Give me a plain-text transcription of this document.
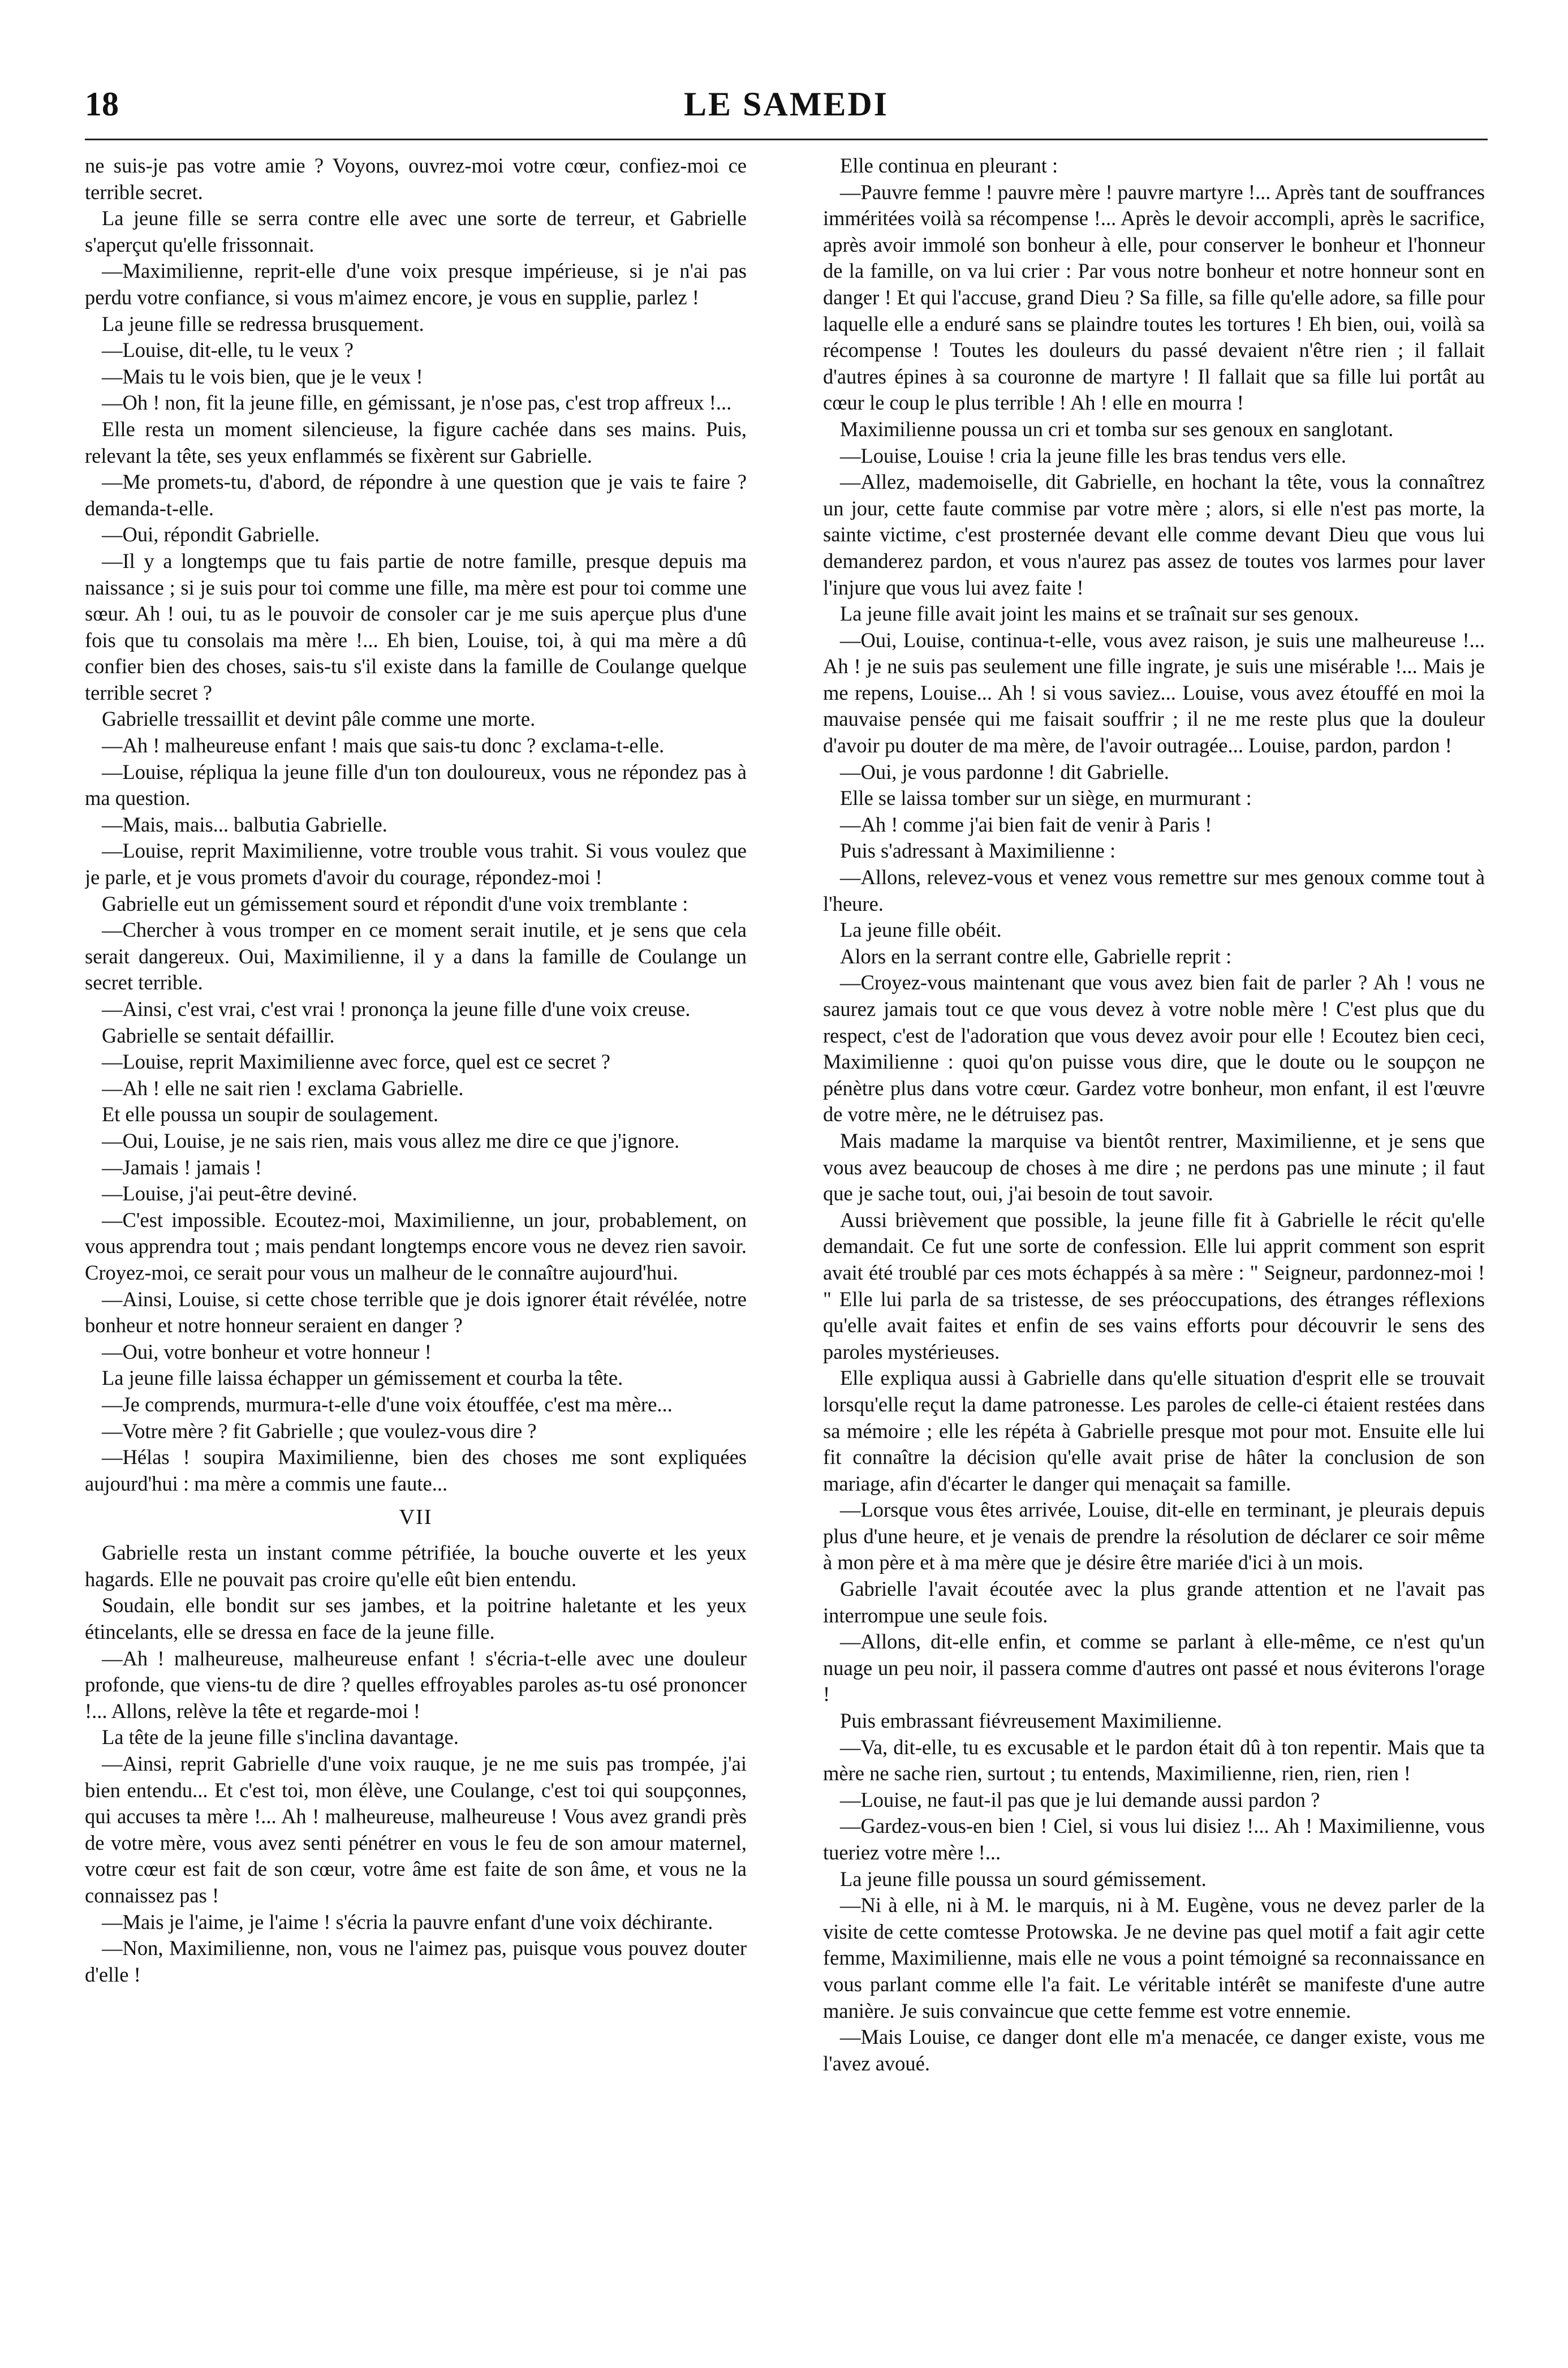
18	LE SAMEDI

ne suis-je pas votre amie ? Voyons, ouvrez-moi votre cœur, confiez-moi ce terrible secret.

La jeune fille se serra contre elle avec une sorte de terreur, et Gabrielle s'aperçut qu'elle frissonnait.

—Maximilienne, reprit-elle d'une voix presque impérieuse, si je n'ai pas perdu votre confiance, si vous m'aimez encore, je vous en supplie, parlez !

La jeune fille se redressa brusquement.

—Louise, dit-elle, tu le veux ?

—Mais tu le vois bien, que je le veux !

—Oh ! non, fit la jeune fille, en gémissant, je n'ose pas, c'est trop affreux !...

Elle resta un moment silencieuse, la figure cachée dans ses mains. Puis, relevant la tête, ses yeux enflammés se fixèrent sur Gabrielle.

—Me promets-tu, d'abord, de répondre à une question que je vais te faire ? demanda-t-elle.

—Oui, répondit Gabrielle.

—Il y a longtemps que tu fais partie de notre famille, presque depuis ma naissance ; si je suis pour toi comme une fille, ma mère est pour toi comme une sœur. Ah ! oui, tu as le pouvoir de consoler car je me suis aperçue plus d'une fois que tu consolais ma mère !... Eh bien, Louise, toi, à qui ma mère a dû confier bien des choses, sais-tu s'il existe dans la famille de Coulange quelque terrible secret ?

Gabrielle tressaillit et devint pâle comme une morte.

—Ah ! malheureuse enfant ! mais que sais-tu donc ? exclama-t-elle.

—Louise, répliqua la jeune fille d'un ton douloureux, vous ne répondez pas à ma question.

—Mais, mais... balbutia Gabrielle.

—Louise, reprit Maximilienne, votre trouble vous trahit. Si vous voulez que je parle, et je vous promets d'avoir du courage, répondez-moi !

Gabrielle eut un gémissement sourd et répondit d'une voix tremblante :

—Chercher à vous tromper en ce moment serait inutile, et je sens que cela serait dangereux. Oui, Maximilienne, il y a dans la famille de Coulange un secret terrible.

—Ainsi, c'est vrai, c'est vrai ! prononça la jeune fille d'une voix creuse.

Gabrielle se sentait défaillir.

—Louise, reprit Maximilienne avec force, quel est ce secret ?

—Ah ! elle ne sait rien ! exclama Gabrielle.

Et elle poussa un soupir de soulagement.

—Oui, Louise, je ne sais rien, mais vous allez me dire ce que j'ignore.

—Jamais ! jamais !

—Louise, j'ai peut-être deviné.

—C'est impossible. Ecoutez-moi, Maximilienne, un jour, probablement, on vous apprendra tout ; mais pendant longtemps encore vous ne devez rien savoir. Croyez-moi, ce serait pour vous un malheur de le connaître aujourd'hui.

—Ainsi, Louise, si cette chose terrible que je dois ignorer était révélée, notre bonheur et notre honneur seraient en danger ?

—Oui, votre bonheur et votre honneur !

La jeune fille laissa échapper un gémissement et courba la tête.

—Je comprends, murmura-t-elle d'une voix étouffée, c'est ma mère...

—Votre mère ? fit Gabrielle ; que voulez-vous dire ?

—Hélas ! soupira Maximilienne, bien des choses me sont expliquées aujourd'hui : ma mère a commis une faute...

VII

Gabrielle resta un instant comme pétrifiée, la bouche ouverte et les yeux hagards. Elle ne pouvait pas croire qu'elle eût bien entendu.

Soudain, elle bondit sur ses jambes, et la poitrine haletante et les yeux étincelants, elle se dressa en face de la jeune fille.

—Ah ! malheureuse, malheureuse enfant ! s'écria-t-elle avec une douleur profonde, que viens-tu de dire ? quelles effroyables paroles as-tu osé prononcer !... Allons, relève la tête et regarde-moi !

La tête de la jeune fille s'inclina davantage.

—Ainsi, reprit Gabrielle d'une voix rauque, je ne me suis pas trompée, j'ai bien entendu... Et c'est toi, mon élève, une Coulange, c'est toi qui soupçonnes, qui accuses ta mère !... Ah ! malheureuse, malheureuse ! Vous avez grandi près de votre mère, vous avez senti pénétrer en vous le feu de son amour maternel, votre cœur est fait de son cœur, votre âme est faite de son âme, et vous ne la connaissez pas !

—Mais je l'aime, je l'aime ! s'écria la pauvre enfant d'une voix déchirante.

—Non, Maximilienne, non, vous ne l'aimez pas, puisque vous pouvez douter d'elle !

Elle continua en pleurant :

—Pauvre femme ! pauvre mère ! pauvre martyre !... Après tant de souffrances imméritées voilà sa récompense !... Après le devoir accompli, après le sacrifice, après avoir immolé son bonheur à elle, pour conserver le bonheur et l'honneur de la famille, on va lui crier : Par vous notre bonheur et notre honneur sont en danger ! Et qui l'accuse, grand Dieu ? Sa fille, sa fille qu'elle adore, sa fille pour laquelle elle a enduré sans se plaindre toutes les tortures ! Eh bien, oui, voilà sa récompense ! Toutes les douleurs du passé devaient n'être rien ; il fallait d'autres épines à sa couronne de martyre ! Il fallait que sa fille lui portât au cœur le coup le plus terrible ! Ah ! elle en mourra !

Maximilienne poussa un cri et tomba sur ses genoux en sanglotant.

—Louise, Louise ! cria la jeune fille les bras tendus vers elle.

—Allez, mademoiselle, dit Gabrielle, en hochant la tête, vous la connaîtrez un jour, cette faute commise par votre mère ; alors, si elle n'est pas morte, la sainte victime, c'est prosternée devant elle comme devant Dieu que vous lui demanderez pardon, et vous n'aurez pas assez de toutes vos larmes pour laver l'injure que vous lui avez faite !

La jeune fille avait joint les mains et se traînait sur ses genoux.

—Oui, Louise, continua-t-elle, vous avez raison, je suis une malheureuse !... Ah ! je ne suis pas seulement une fille ingrate, je suis une misérable !... Mais je me repens, Louise... Ah ! si vous saviez... Louise, vous avez étouffé en moi la mauvaise pensée qui me faisait souffrir ; il ne me reste plus que la douleur d'avoir pu douter de ma mère, de l'avoir outragée... Louise, pardon, pardon !

—Oui, je vous pardonne ! dit Gabrielle.

Elle se laissa tomber sur un siège, en murmurant :

—Ah ! comme j'ai bien fait de venir à Paris !

Puis s'adressant à Maximilienne :

—Allons, relevez-vous et venez vous remettre sur mes genoux comme tout à l'heure.

La jeune fille obéit.

Alors en la serrant contre elle, Gabrielle reprit :

—Croyez-vous maintenant que vous avez bien fait de parler ? Ah ! vous ne saurez jamais tout ce que vous devez à votre noble mère ! C'est plus que du respect, c'est de l'adoration que vous devez avoir pour elle ! Ecoutez bien ceci, Maximilienne : quoi qu'on puisse vous dire, que le doute ou le soupçon ne pénètre plus dans votre cœur. Gardez votre bonheur, mon enfant, il est l'œuvre de votre mère, ne le détruisez pas.

Mais madame la marquise va bientôt rentrer, Maximilienne, et je sens que vous avez beaucoup de choses à me dire ; ne perdons pas une minute ; il faut que je sache tout, oui, j'ai besoin de tout savoir.

Aussi brièvement que possible, la jeune fille fit à Gabrielle le récit qu'elle demandait. Ce fut une sorte de confession. Elle lui apprit comment son esprit avait été troublé par ces mots échappés à sa mère : " Seigneur, pardonnez-moi ! " Elle lui parla de sa tristesse, de ses préoccupations, des étranges réflexions qu'elle avait faites et enfin de ses vains efforts pour découvrir le sens des paroles mystérieuses.

Elle expliqua aussi à Gabrielle dans qu'elle situation d'esprit elle se trouvait lorsqu'elle reçut la dame patronesse. Les paroles de celle-ci étaient restées dans sa mémoire ; elle les répéta à Gabrielle presque mot pour mot. Ensuite elle lui fit connaître la décision qu'elle avait prise de hâter la conclusion de son mariage, afin d'écarter le danger qui menaçait sa famille.

—Lorsque vous êtes arrivée, Louise, dit-elle en terminant, je pleurais depuis plus d'une heure, et je venais de prendre la résolution de déclarer ce soir même à mon père et à ma mère que je désire être mariée d'ici à un mois.

Gabrielle l'avait écoutée avec la plus grande attention et ne l'avait pas interrompue une seule fois.

—Allons, dit-elle enfin, et comme se parlant à elle-même, ce n'est qu'un nuage un peu noir, il passera comme d'autres ont passé et nous éviterons l'orage !

Puis embrassant fiévreusement Maximilienne.

—Va, dit-elle, tu es excusable et le pardon était dû à ton repentir. Mais que ta mère ne sache rien, surtout ; tu entends, Maximilienne, rien, rien, rien !

—Louise, ne faut-il pas que je lui demande aussi pardon ?

—Gardez-vous-en bien ! Ciel, si vous lui disiez !... Ah ! Maximilienne, vous tueriez votre mère !...

La jeune fille poussa un sourd gémissement.

—Ni à elle, ni à M. le marquis, ni à M. Eugène, vous ne devez parler de la visite de cette comtesse Protowska. Je ne devine pas quel motif a fait agir cette femme, Maximilienne, mais elle ne vous a point témoigné sa reconnaissance en vous parlant comme elle l'a fait. Le véritable intérêt se manifeste d'une autre manière. Je suis convaincue que cette femme est votre ennemie.

—Mais Louise, ce danger dont elle m'a menacée, ce danger existe, vous me l'avez avoué.
